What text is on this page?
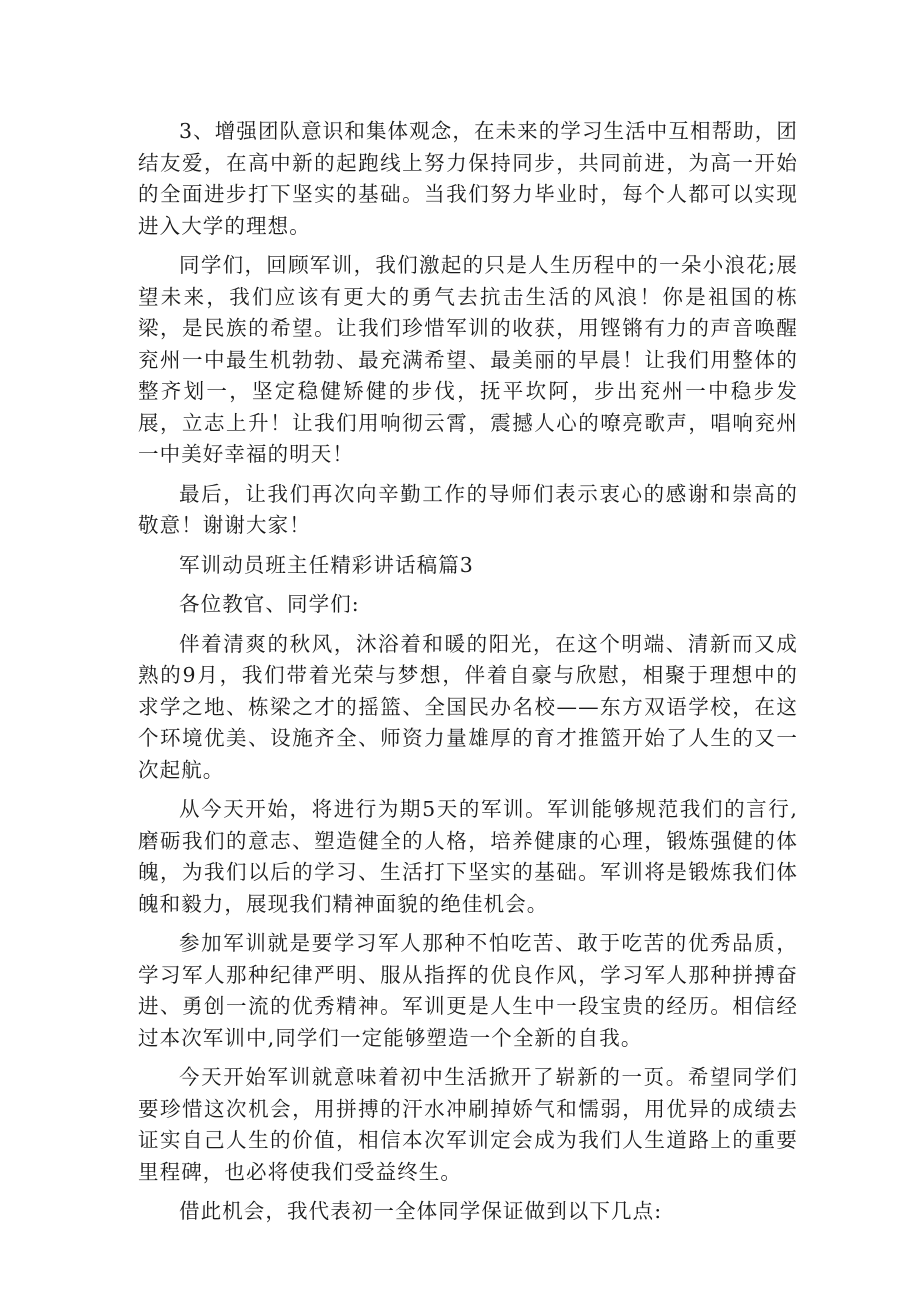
3、增强团队意识和集体观念，在未来的学习生活中互相帮助，团结友爱，在高中新的起跑线上努力保持同步，共同前进，为高一开始的全面进步打下坚实的基础。当我们努力毕业时，每个人都可以实现进入大学的理想。

同学们，回顾军训，我们激起的只是人生历程中的一朵小浪花;展望未来，我们应该有更大的勇气去抗击生活的风浪！你是祖国的栋梁，是民族的希望。让我们珍惜军训的收获，用铿锵有力的声音唤醒兖州一中最生机勃勃、最充满希望、最美丽的早晨！让我们用整体的整齐划一，坚定稳健矫健的步伐，抚平坎阿，步出兖州一中稳步发展，立志上升！让我们用响彻云霄，震撼人心的嘹亮歌声，唱响兖州一中美好幸福的明天！

最后，让我们再次向辛勤工作的导师们表示衷心的感谢和崇高的敬意！谢谢大家！

军训动员班主任精彩讲话稿篇3

各位教官、同学们:

伴着清爽的秋风，沐浴着和暖的阳光，在这个明端、清新而又成熟的9月，我们带着光荣与梦想，伴着自豪与欣慰，相聚于理想中的求学之地、栋梁之才的摇篮、全国民办名校——东方双语学校，在这个环境优美、设施齐全、师资力量雄厚的育才推篮开始了人生的又一次起航。

从今天开始，将进行为期5天的军训。军训能够规范我们的言行,磨砺我们的意志、塑造健全的人格，培养健康的心理，锻炼强健的体魄，为我们以后的学习、生活打下坚实的基础。军训将是锻炼我们体魄和毅力，展现我们精神面貌的绝佳机会。

参加军训就是要学习军人那种不怕吃苦、敢于吃苦的优秀品质，学习军人那种纪律严明、服从指挥的优良作风，学习军人那种拼搏奋进、勇创一流的优秀精神。军训更是人生中一段宝贵的经历。相信经过本次军训中,同学们一定能够塑造一个全新的自我。

今天开始军训就意味着初中生活掀开了崭新的一页。希望同学们要珍惜这次机会，用拼搏的汗水冲刷掉娇气和懦弱，用优异的成绩去证实自己人生的价值，相信本次军训定会成为我们人生道路上的重要里程碑，也必将使我们受益终生。

借此机会，我代表初一全体同学保证做到以下几点:
